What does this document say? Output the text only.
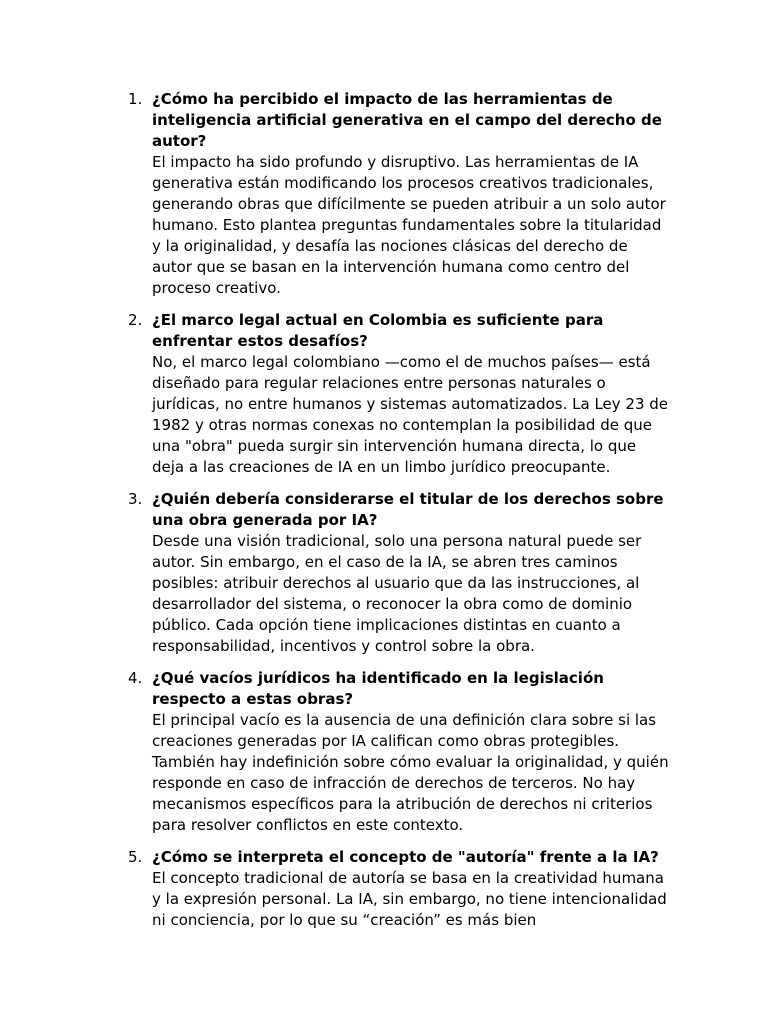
1. ¿Cómo ha percibido el impacto de las herramientas de inteligencia artificial generativa en el campo del derecho de autor?
El impacto ha sido profundo y disruptivo. Las herramientas de IA generativa están modificando los procesos creativos tradicionales, generando obras que difícilmente se pueden atribuir a un solo autor humano. Esto plantea preguntas fundamentales sobre la titularidad y la originalidad, y desafía las nociones clásicas del derecho de autor que se basan en la intervención humana como centro del proceso creativo.
2. ¿El marco legal actual en Colombia es suficiente para enfrentar estos desafíos?
No, el marco legal colombiano —como el de muchos países— está diseñado para regular relaciones entre personas naturales o jurídicas, no entre humanos y sistemas automatizados. La Ley 23 de 1982 y otras normas conexas no contemplan la posibilidad de que una "obra" pueda surgir sin intervención humana directa, lo que deja a las creaciones de IA en un limbo jurídico preocupante.
3. ¿Quién debería considerarse el titular de los derechos sobre una obra generada por IA?
Desde una visión tradicional, solo una persona natural puede ser autor. Sin embargo, en el caso de la IA, se abren tres caminos posibles: atribuir derechos al usuario que da las instrucciones, al desarrollador del sistema, o reconocer la obra como de dominio público. Cada opción tiene implicaciones distintas en cuanto a responsabilidad, incentivos y control sobre la obra.
4. ¿Qué vacíos jurídicos ha identificado en la legislación respecto a estas obras?
El principal vacío es la ausencia de una definición clara sobre si las creaciones generadas por IA califican como obras protegibles. También hay indefinición sobre cómo evaluar la originalidad, y quién responde en caso de infracción de derechos de terceros. No hay mecanismos específicos para la atribución de derechos ni criterios para resolver conflictos en este contexto.
5. ¿Cómo se interpreta el concepto de "autoría" frente a la IA?
El concepto tradicional de autoría se basa en la creatividad humana y la expresión personal. La IA, sin embargo, no tiene intencionalidad ni conciencia, por lo que su “creación” es más bien
